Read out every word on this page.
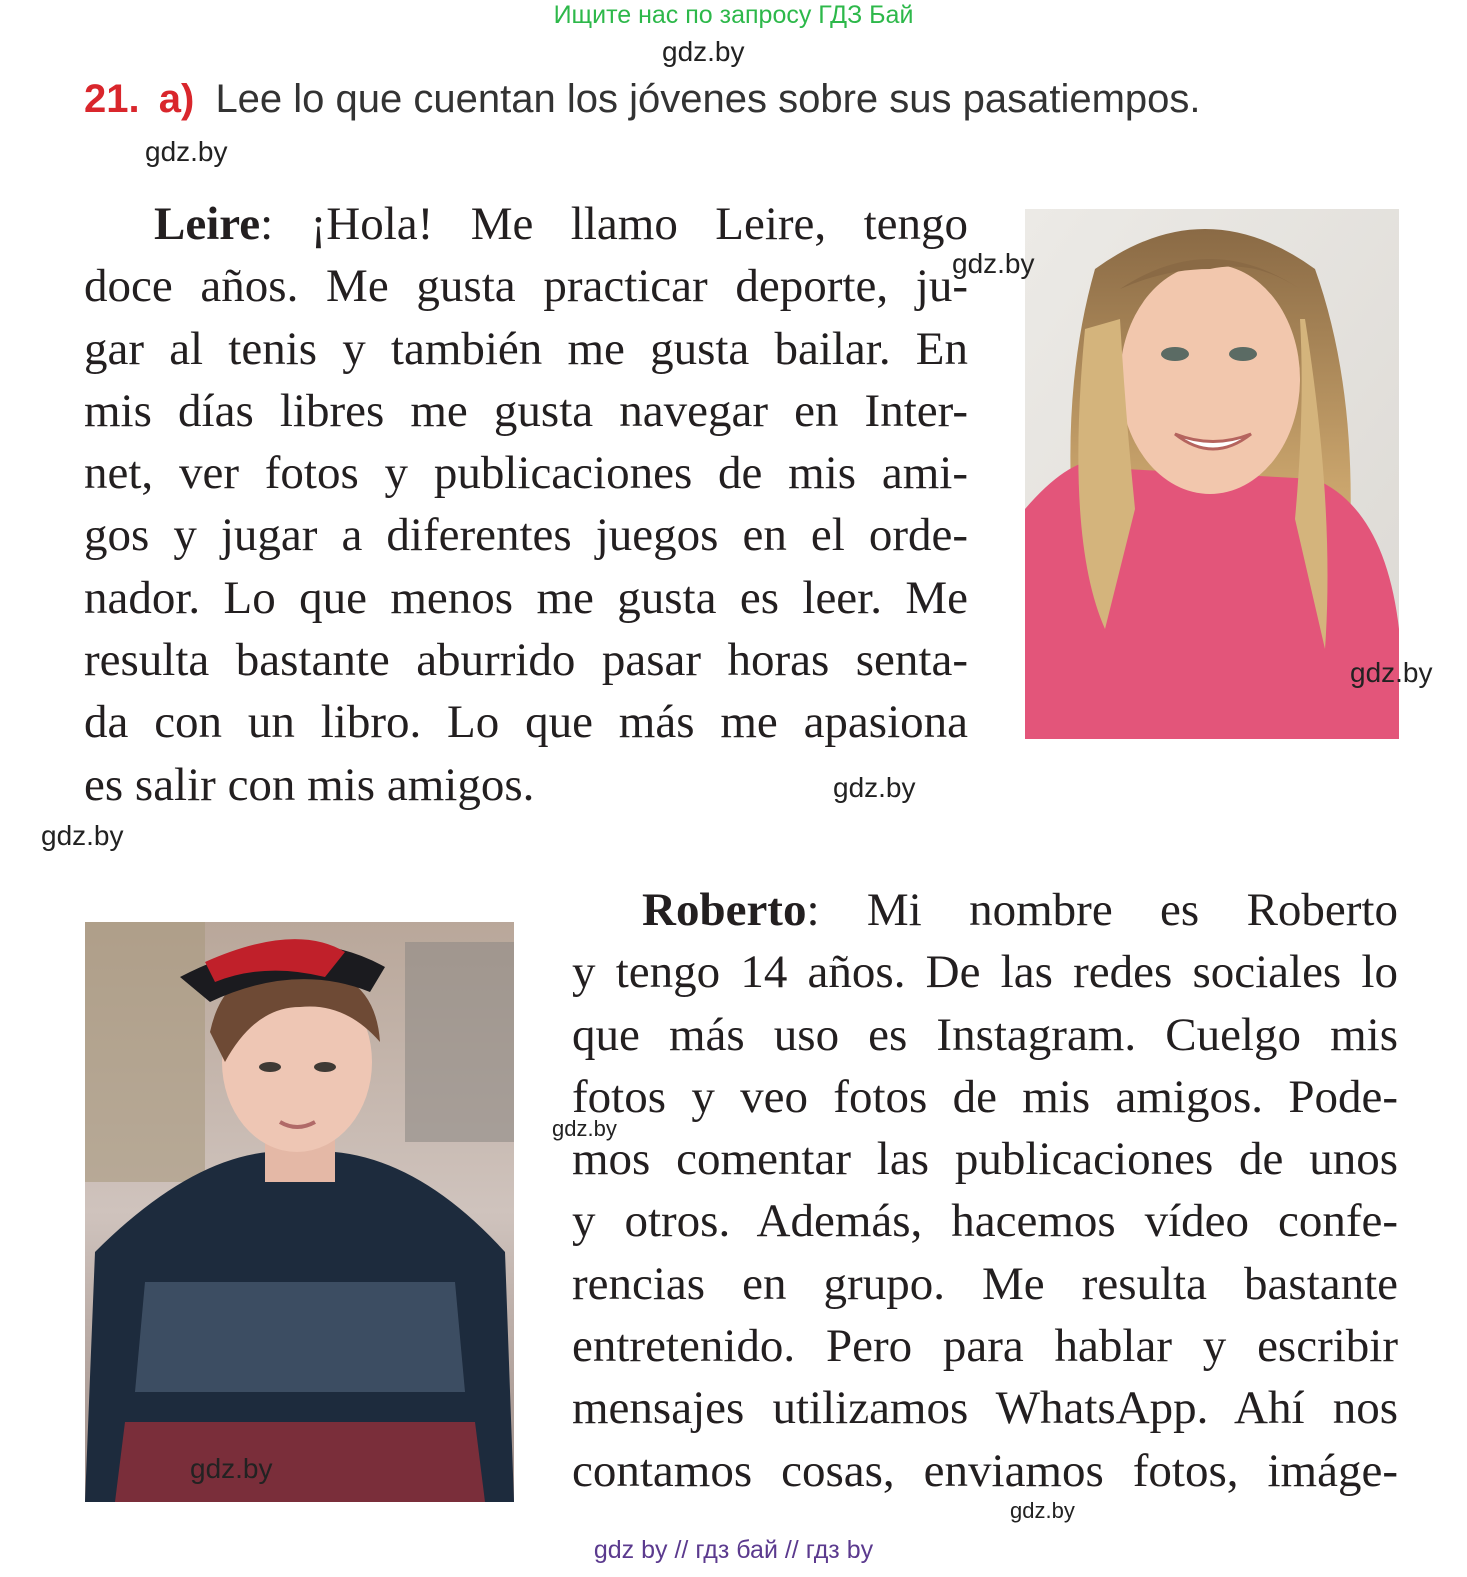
Ищите нас по запросу ГДЗ Бай
gdz.by
21. a) Lee lo que cuentan los jóvenes sobre sus pasatiempos.
gdz.by
Leire: ¡Hola! Me llamo Leire, tengo
doce años. Me gusta practicar deporte, ju-
gar al tenis y también me gusta bailar. En
mis días libres me gusta navegar en Inter-
net, ver fotos y publicaciones de mis ami-
gos y jugar a diferentes juegos en el orde-
nador. Lo que menos me gusta es leer. Me
resulta bastante aburrido pasar horas senta-
da con un libro. Lo que más me apasiona
es salir con mis amigos.
gdz.by
gdz.by
gdz.by
gdz.by
Roberto: Mi nombre es Roberto
y tengo 14 años. De las redes sociales lo
que más uso es Instagram. Cuelgo mis
fotos y veo fotos de mis amigos. Pode-
mos comentar las publicaciones de unos
y otros. Además, hacemos vídeo confe-
rencias en grupo. Me resulta bastante
entretenido. Pero para hablar y escribir
mensajes utilizamos WhatsApp. Ahí nos
contamos cosas, enviamos fotos, imáge-
gdz.by
gdz.by
gdz.by
gdz by // гдз бай // гдз by
